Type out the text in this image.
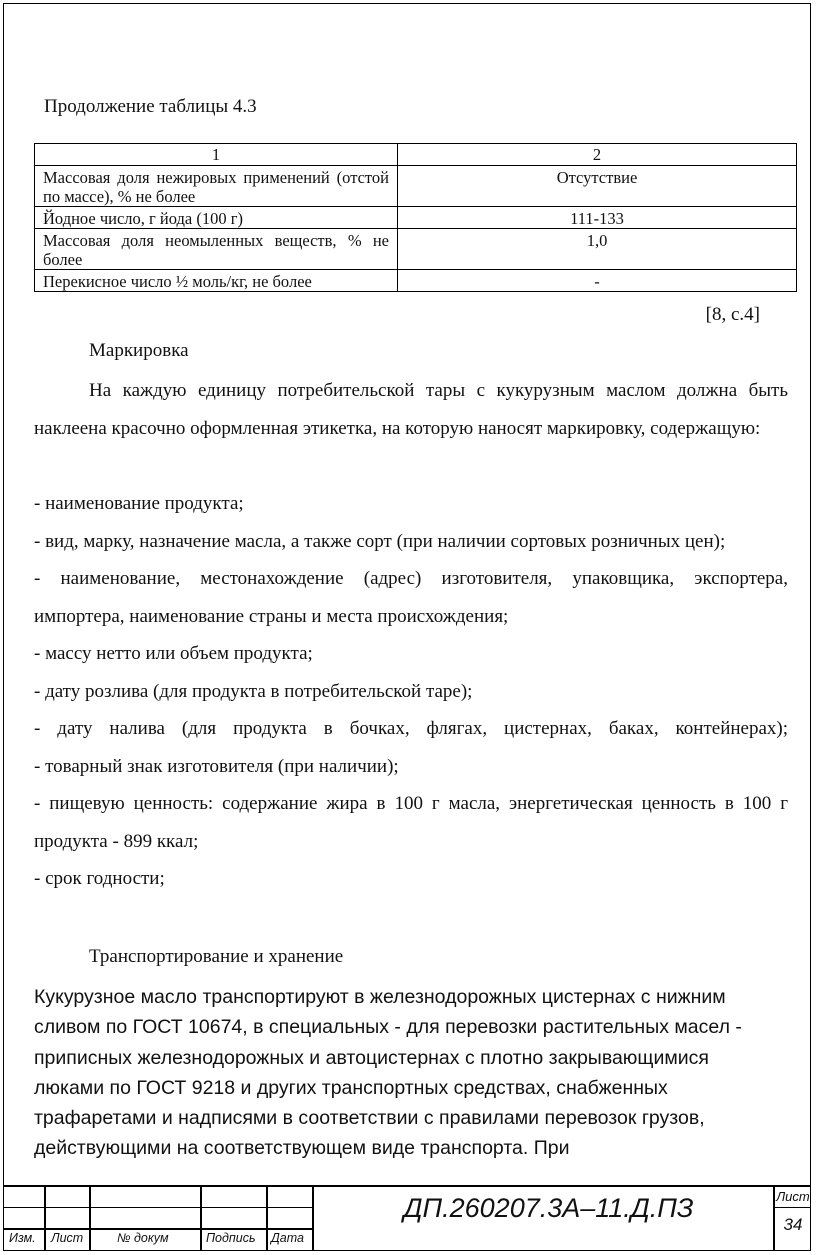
Продолжение таблицы 4.3
1	2
Массовая доля нежировых применений (отстой по массе), % не более	Отсутствие
Йодное число, г йода (100 г)	111-133
Массовая доля неомыленных веществ, % не более	1,0
Перекисное число ½ моль/кг, не более	-
[8, с.4]
Маркировка
На каждую единицу потребительской тары с кукурузным маслом должна быть наклеена красочно оформленная этикетка, на которую наносят маркировку, содержащую:
- наименование продукта;
- вид, марку, назначение масла, а также сорт (при наличии сортовых розничных цен);
- наименование, местонахождение (адрес) изготовителя, упаковщика, экспортера, импортера, наименование страны и места происхождения;
- массу нетто или объем продукта;
- дату розлива (для продукта в потребительской таре);
- дату налива (для продукта в бочках, флягах, цистернах, баках, контейнерах);
- товарный знак изготовителя (при наличии);
- пищевую ценность: содержание жира в 100 г масла, энергетическая ценность в 100 г продукта - 899 ккал;
- срок годности;
Транспортирование и хранение
Кукурузное масло транспортируют в железнодорожных цистернах с нижним
сливом по ГОСТ 10674, в специальных - для перевозки растительных масел -
приписных железнодорожных и автоцистернах с плотно закрывающимися
люками по ГОСТ 9218 и других транспортных средствах, снабженных
трафаретами и надписями в соответствии с правилами перевозок грузов,
действующими на соответствующем виде транспорта. При
Изм. Лист	№ докум	Подпись Дата
ДП.260207.3А–11.Д.ПЗ	Лист
34
